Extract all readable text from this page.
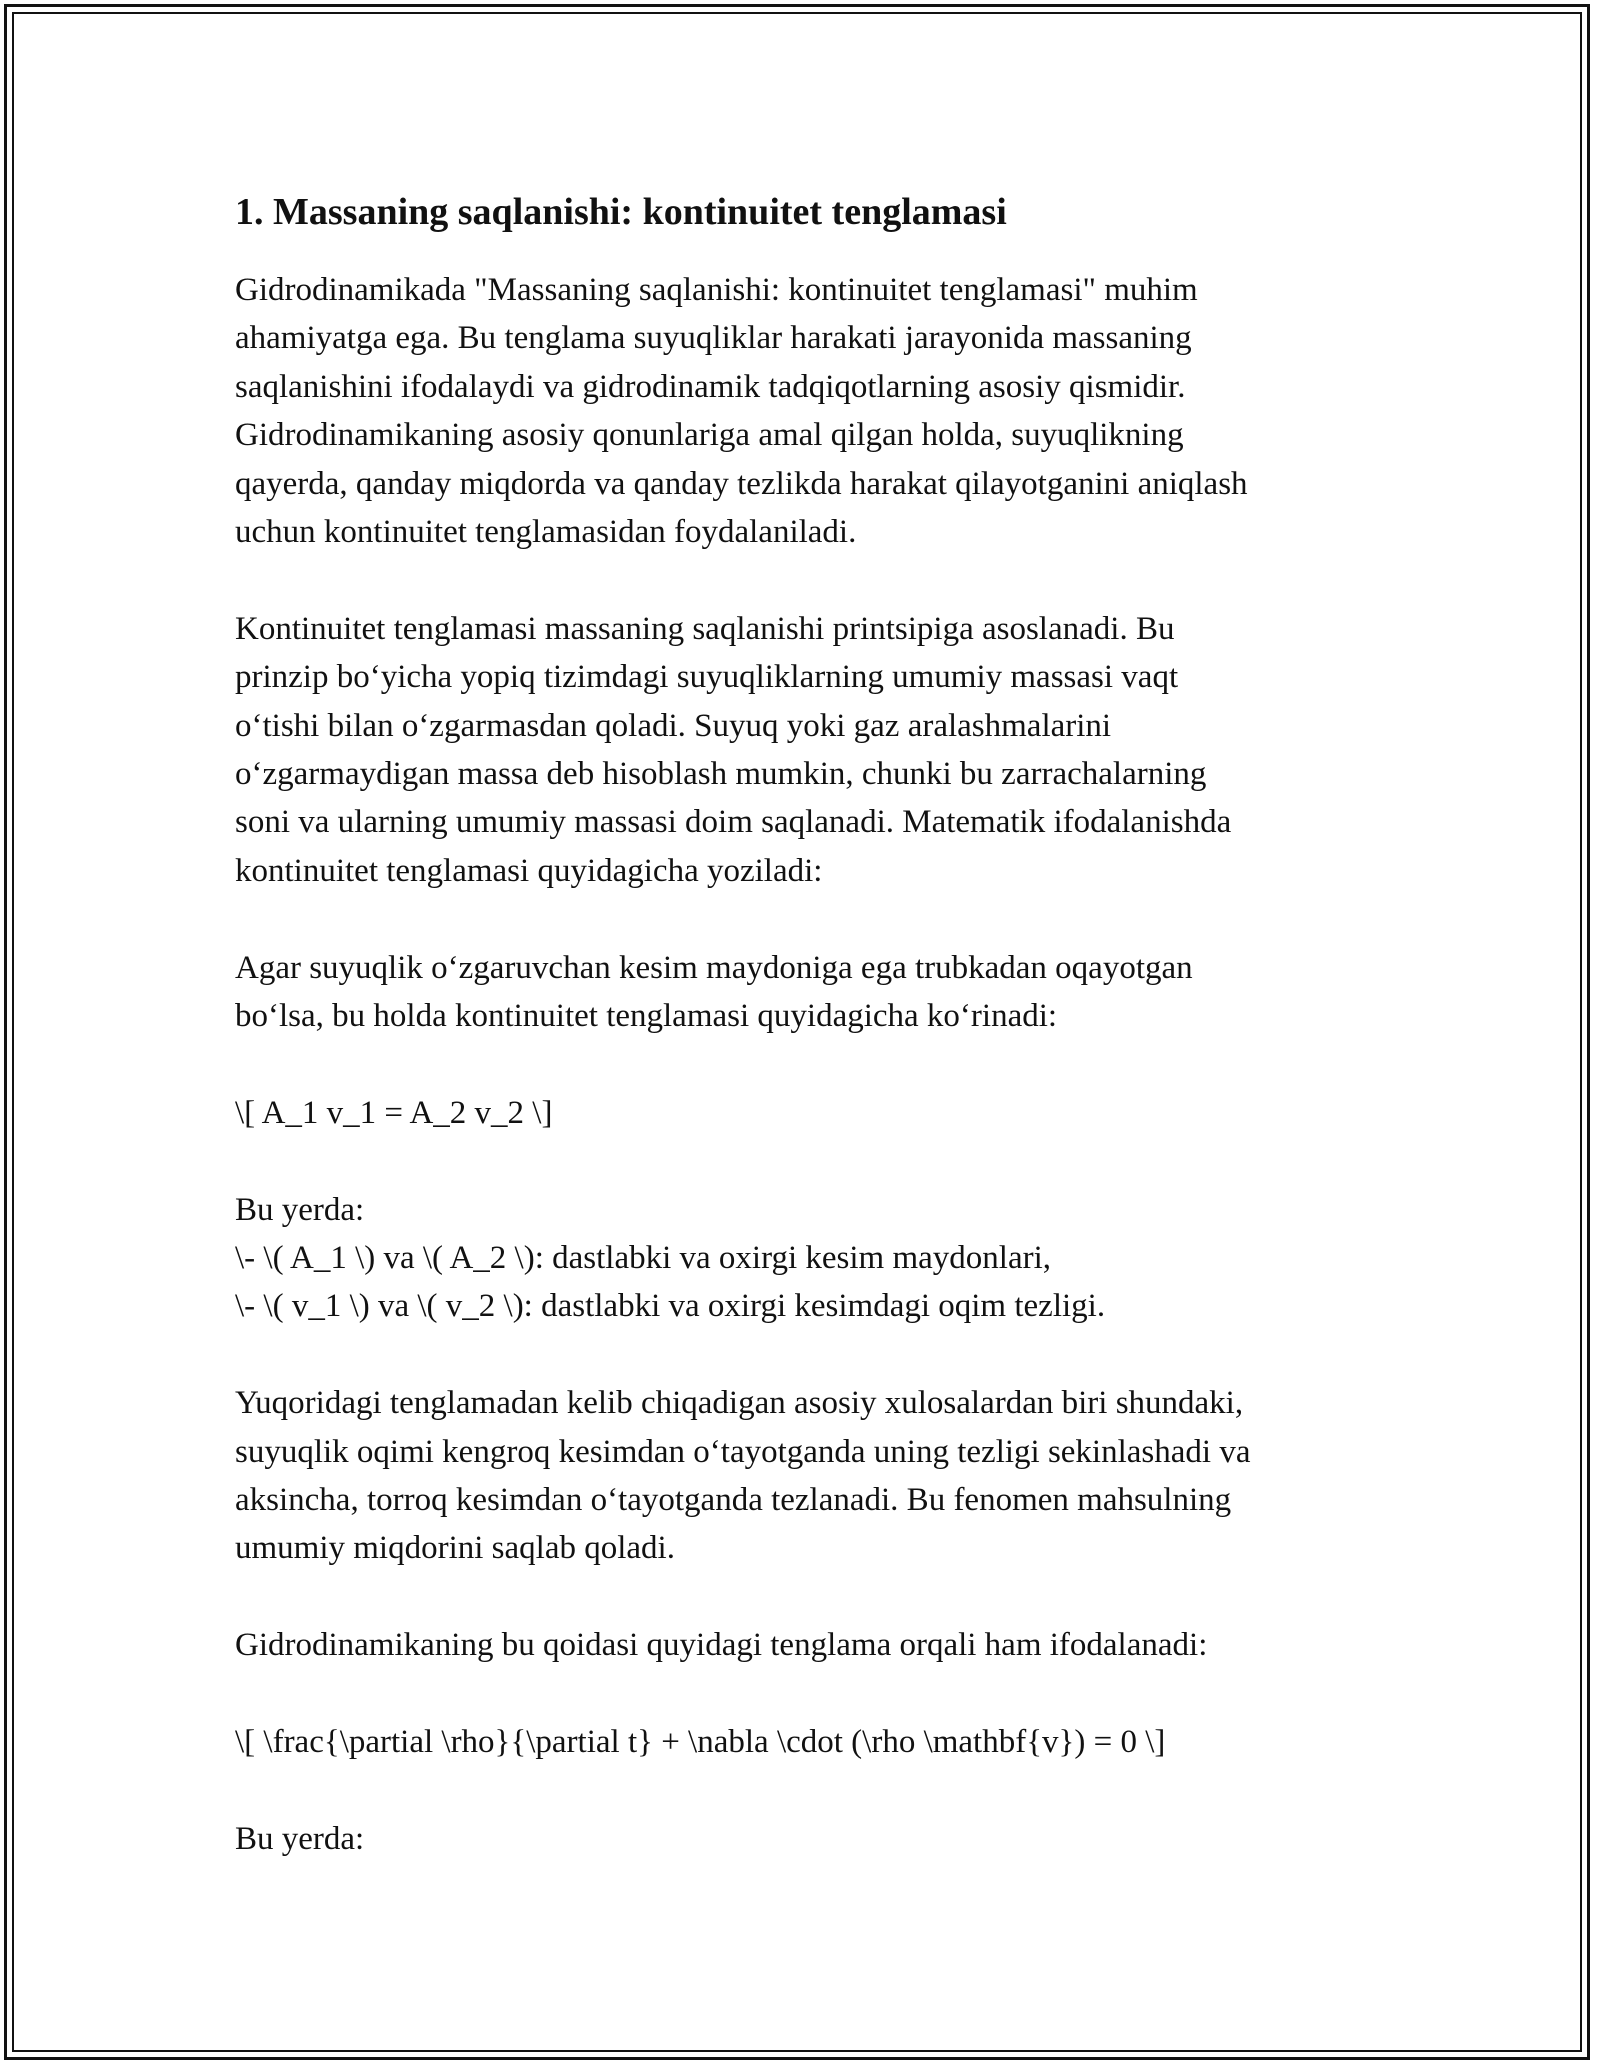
1. Massaning saqlanishi: kontinuitet tenglamasi

Gidrodinamikada "Massaning saqlanishi: kontinuitet tenglamasi" muhim
ahamiyatga ega. Bu tenglama suyuqliklar harakati jarayonida massaning
saqlanishini ifodalaydi va gidrodinamik tadqiqotlarning asosiy qismidir.
Gidrodinamikaning asosiy qonunlariga amal qilgan holda, suyuqlikning
qayerda, qanday miqdorda va qanday tezlikda harakat qilayotganini aniqlash
uchun kontinuitet tenglamasidan foydalaniladi.

Kontinuitet tenglamasi massaning saqlanishi printsipiga asoslanadi. Bu
prinzip bo‘yicha yopiq tizimdagi suyuqliklarning umumiy massasi vaqt
o‘tishi bilan o‘zgarmasdan qoladi. Suyuq yoki gaz aralashmalarini
o‘zgarmaydigan massa deb hisoblash mumkin, chunki bu zarrachalarning
soni va ularning umumiy massasi doim saqlanadi. Matematik ifodalanishda
kontinuitet tenglamasi quyidagicha yoziladi:

Agar suyuqlik o‘zgaruvchan kesim maydoniga ega trubkadan oqayotgan
bo‘lsa, bu holda kontinuitet tenglamasi quyidagicha ko‘rinadi:

\[ A_1 v_1 = A_2 v_2 \]

Bu yerda:
\- \( A_1 \) va \( A_2 \): dastlabki va oxirgi kesim maydonlari,
\- \( v_1 \) va \( v_2 \): dastlabki va oxirgi kesimdagi oqim tezligi.

Yuqoridagi tenglamadan kelib chiqadigan asosiy xulosalardan biri shundaki,
suyuqlik oqimi kengroq kesimdan o‘tayotganda uning tezligi sekinlashadi va
aksincha, torroq kesimdan o‘tayotganda tezlanadi. Bu fenomen mahsulning
umumiy miqdorini saqlab qoladi.

Gidrodinamikaning bu qoidasi quyidagi tenglama orqali ham ifodalanadi:

\[ \frac{\partial \rho}{\partial t} + \nabla \cdot (\rho \mathbf{v}) = 0 \]

Bu yerda:
